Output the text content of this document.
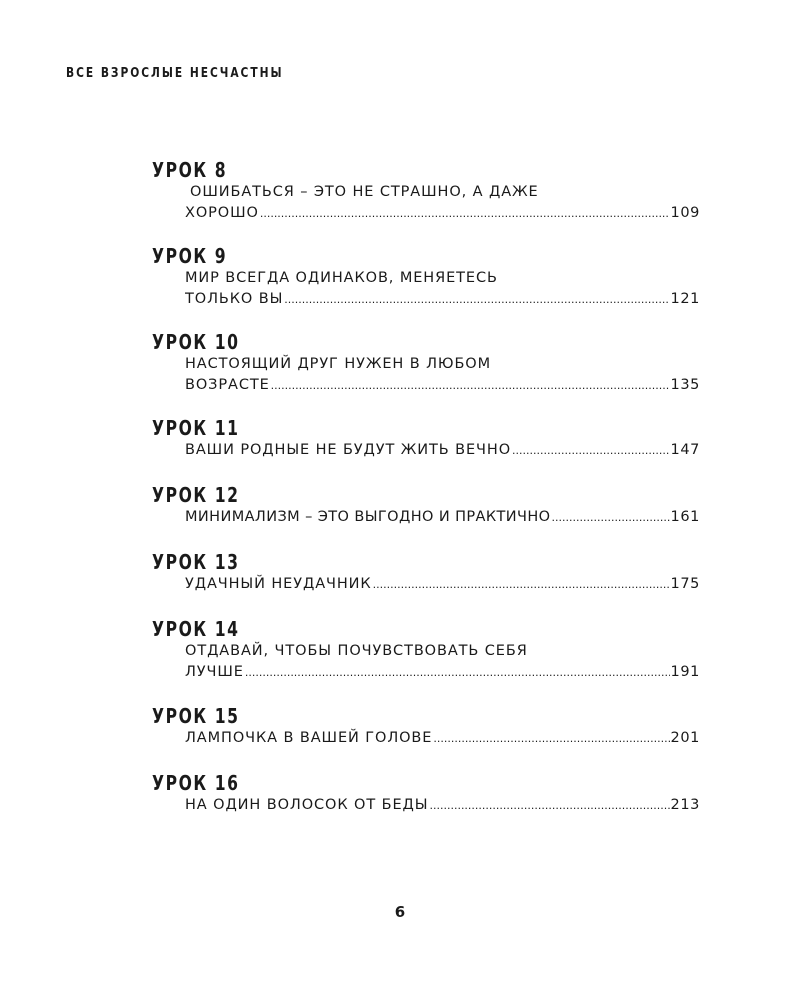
ВСЕ ВЗРОСЛЫЕ НЕСЧАСТНЫ
УРОК 8
ОШИБАТЬСЯ – ЭТО НЕ СТРАШНО, А ДАЖЕ
ХОРОШО .....	109
УРОК 9
МИР ВСЕГДА ОДИНАКОВ, МЕНЯЕТЕСЬ
ТОЛЬКО ВЫ .....	121
УРОК 10
НАСТОЯЩИЙ ДРУГ НУЖЕН В ЛЮБОМ
ВОЗРАСТЕ .....	135
УРОК 11
ВАШИ РОДНЫЕ НЕ БУДУТ ЖИТЬ ВЕЧНО .....	147
УРОК 12
МИНИМАЛИЗМ – ЭТО ВЫГОДНО И ПРАКТИЧНО .....	161
УРОК 13
УДАЧНЫЙ НЕУДАЧНИК .....	175
УРОК 14
ОТДАВАЙ, ЧТОБЫ ПОЧУВСТВОВАТЬ СЕБЯ
ЛУЧШЕ .....	191
УРОК 15
ЛАМПОЧКА В ВАШЕЙ ГОЛОВЕ .....	201
УРОК 16
НА ОДИН ВОЛОСОК ОТ БЕДЫ .....	213
6
